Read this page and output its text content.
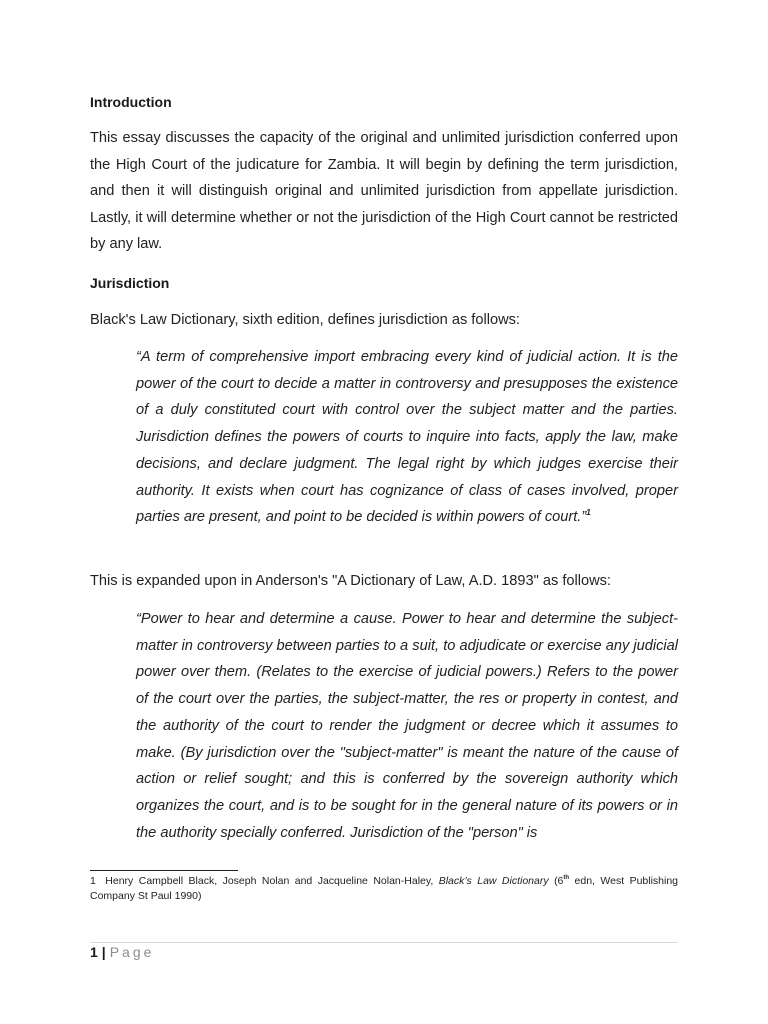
Introduction

This essay discusses the capacity of the original and unlimited jurisdiction conferred upon the High Court of the judicature for Zambia. It will begin by defining the term jurisdiction, and then it will distinguish original and unlimited jurisdiction from appellate jurisdiction. Lastly, it will determine whether or not the jurisdiction of the High Court cannot be restricted by any law.

Jurisdiction

Black's Law Dictionary, sixth edition, defines jurisdiction as follows:

“A term of comprehensive import embracing every kind of judicial action. It is the power of the court to decide a matter in controversy and presupposes the existence of a duly constituted court with control over the subject matter and the parties. Jurisdiction defines the powers of courts to inquire into facts, apply the law, make decisions, and declare judgment. The legal right by which judges exercise their authority. It exists when court has cognizance of class of cases involved, proper parties are present, and point to be decided is within powers of court.”$^1$

This is expanded upon in Anderson's "A Dictionary of Law, A.D. 1893" as follows:

“Power to hear and determine a cause. Power to hear and determine the subject-matter in controversy between parties to a suit, to adjudicate or exercise any judicial power over them. (Relates to the exercise of judicial powers.) Refers to the power of the court over the parties, the subject-matter, the res or property in contest, and the authority of the court to render the judgment or decree which it assumes to make. (By jurisdiction over the "subject-matter" is meant the nature of the cause of action or relief sought; and this is conferred by the sovereign authority which organizes the court, and is to be sought for in the general nature of its powers or in the authority specially conferred. Jurisdiction of the "person" is

1 Henry Campbell Black, Joseph Nolan and Jacqueline Nolan-Haley, Black’s Law Dictionary (6th edn, West Publishing Company St Paul 1990)

1 | Page
